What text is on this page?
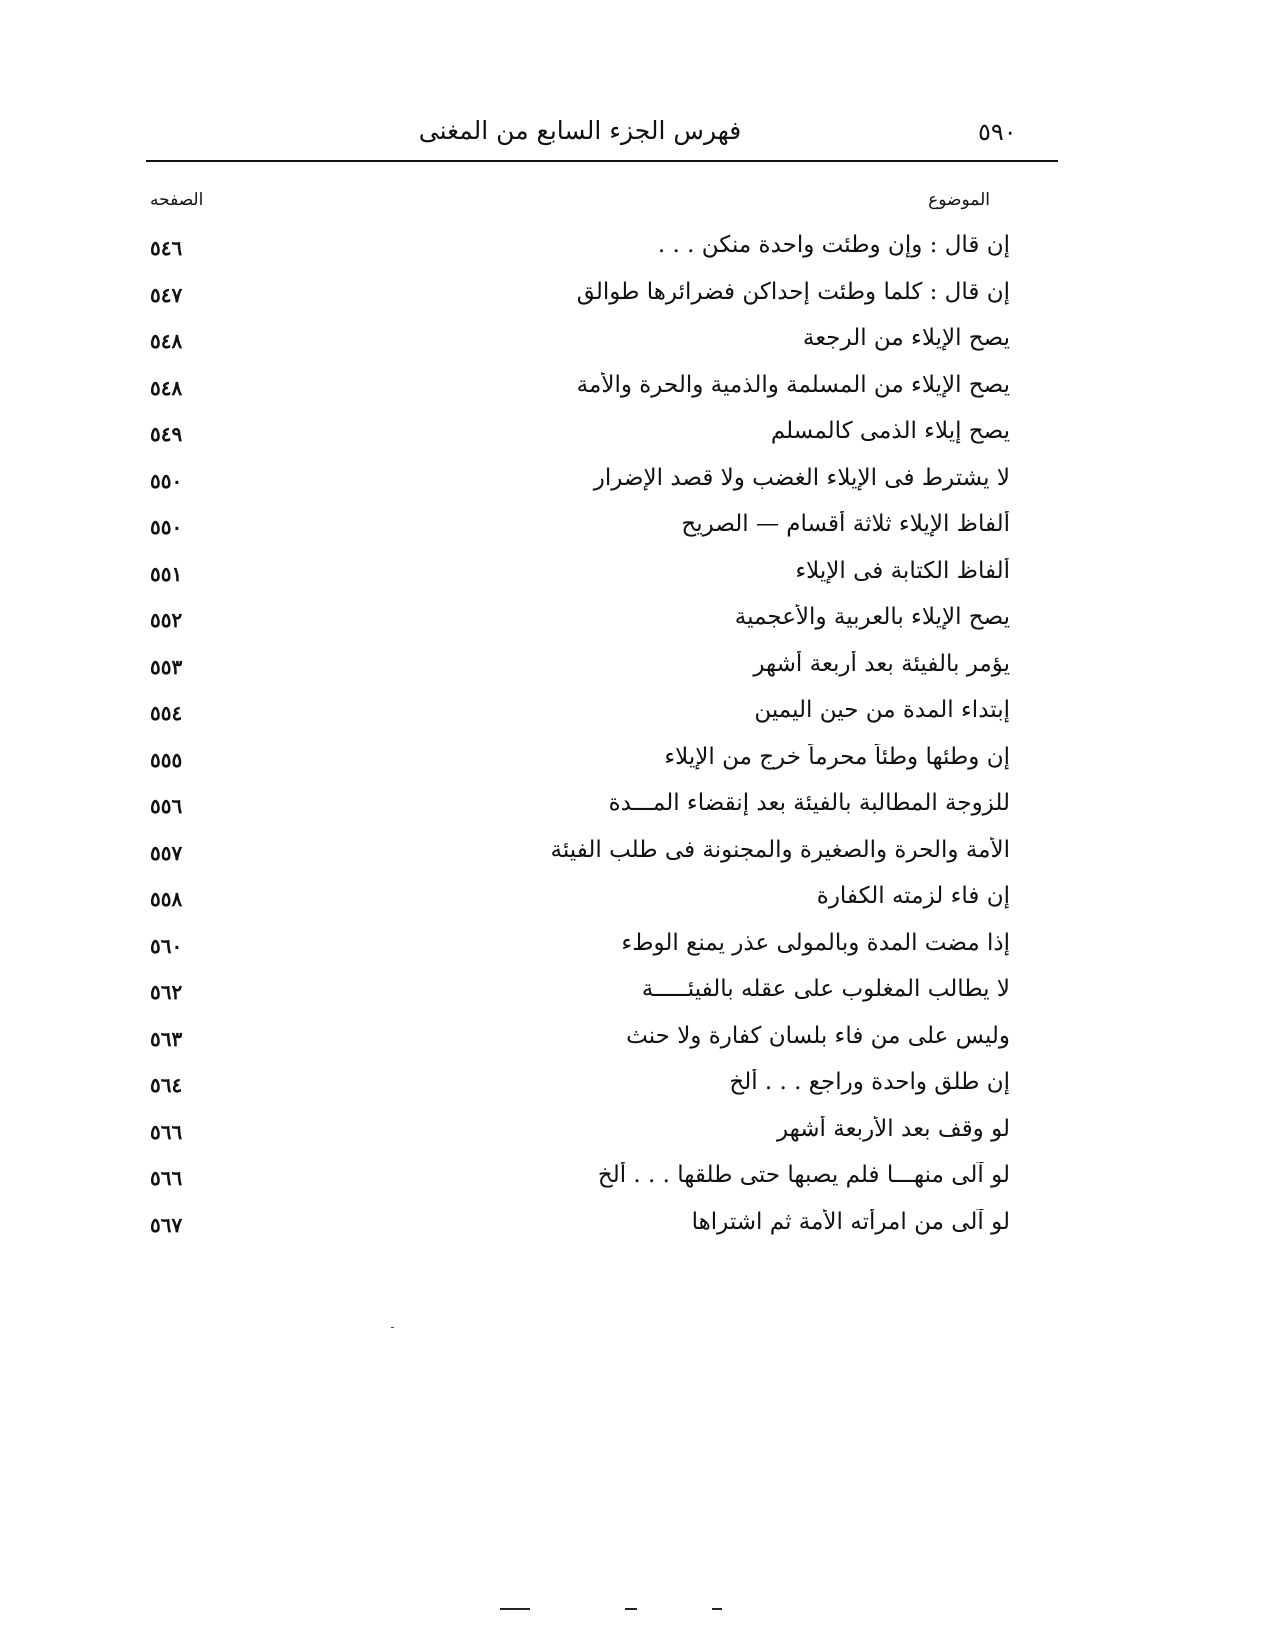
٥٩٠
فهرس الجزء السابع من المغنى
الموضوع
الصفحه
إن قال : وإن وطئت واحدة منكن . . .
٥٤٦
إن قال : كلما وطئت إحداكن فضرائرها طوالق
٥٤٧
يصح الإيلاء من الرجعة
٥٤٨
يصح الإيلاء من المسلمة والذمية والحرة والأمة
٥٤٨
يصح إيلاء الذمى كالمسلم
٥٤٩
لا يشترط فى الإيلاء الغضب ولا قصد الإضرار
٥٥٠
ألفاظ الإيلاء ثلاثة أقسام — الصريح
٥٥٠
ألفاظ الكتابة فى الإيلاء
٥٥١
يصح الإيلاء بالعربية والأعجمية
٥٥٢
يؤمر بالفيئة بعد أربعة أشهر
٥٥٣
إبتداء المدة من حين اليمين
٥٥٤
إن وطئها وطئاً محرماً خرج من الإيلاء
٥٥٥
للزوجة المطالبة بالفيئة بعد إنقضاء المـــدة
٥٥٦
الأمة والحرة والصغيرة والمجنونة فى طلب الفيئة
٥٥٧
إن فاء لزمته الكفارة
٥٥٨
إذا مضت المدة وبالمولى عذر يمنع الوطء
٥٦٠
لا يطالب المغلوب على عقله بالفيئـــــة
٥٦٢
وليس على من فاء بلسان كفارة ولا حنث
٥٦٣
إن طلق واحدة وراجع . . . ألخ
٥٦٤
لو وقف بعد الأربعة أشهر
٥٦٦
لو آلى منهـــا فلم يصبها حتى طلقها . . . ألخ
٥٦٦
لو آلى من امرأته الأمة ثم اشتراها
٥٦٧
